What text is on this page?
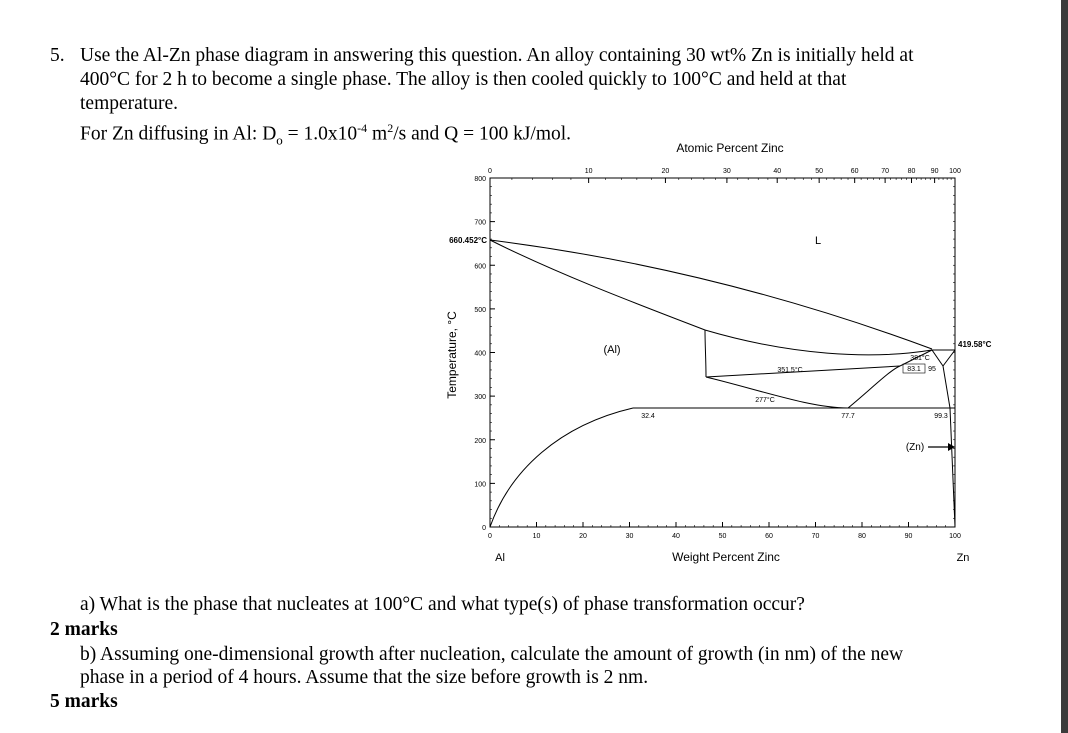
5. Use the Al-Zn phase diagram in answering this question. An alloy containing 30 wt% Zn is initially held at
400°C for 2 h to become a single phase. The alloy is then cooled quickly to 100°C and held at that
temperature.
For Zn diffusing in Al: $D_o = 1.0x10^{-4}$ $m^2/s$ and Q = 100 kJ/mol.
Atomic Percent Zinc
Weight Percent Zinc
Temperature, °C
Al	Zn
800
700
600
500
400
300
200
100
0
0	10	20	30	40	50	60	70	80	90	100
0	10	20	30	40	50	60	70	80 90 100
660.452°C
419.58°C
L
(Al)
(Zn)
351.5°C
277°C
381°C
83.1 95
32.4	77.7	99.3
a) What is the phase that nucleates at 100°C and what type(s) of phase transformation occur?
2 marks
b) Assuming one-dimensional growth after nucleation, calculate the amount of growth (in nm) of the new
phase in a period of 4 hours. Assume that the size before growth is 2 nm.
5 marks
